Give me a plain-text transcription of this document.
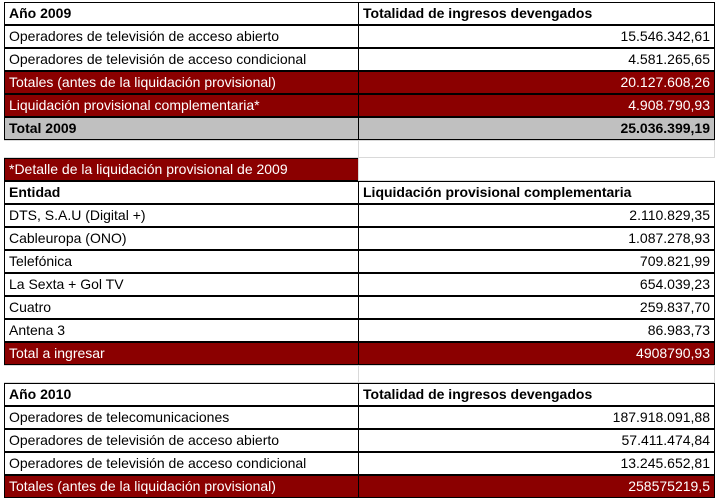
Año 2009	Totalidad de ingresos devengados
Operadores de televisión de acceso abierto	15.546.342,61
Operadores de televisión de acceso condicional	4.581.265,65
Totales (antes de la liquidación provisional)	20.127.608,26
Liquidación provisional complementaria*	4.908.790,93
Total 2009	25.036.399,19
*Detalle de la liquidación provisional de 2009
Entidad	Liquidación provisional complementaria
DTS, S.A.U (Digital +)	2.110.829,35
Cableuropa (ONO)	1.087.278,93
Telefónica	709.821,99
La Sexta + Gol TV	654.039,23
Cuatro	259.837,70
Antena 3	86.983,73
Total a ingresar	4908790,93
Año 2010	Totalidad de ingresos devengados
Operadores de telecomunicaciones	187.918.091,88
Operadores de televisión de acceso abierto	57.411.474,84
Operadores de televisión de acceso condicional	13.245.652,81
Totales (antes de la liquidación provisional)	258575219,5
